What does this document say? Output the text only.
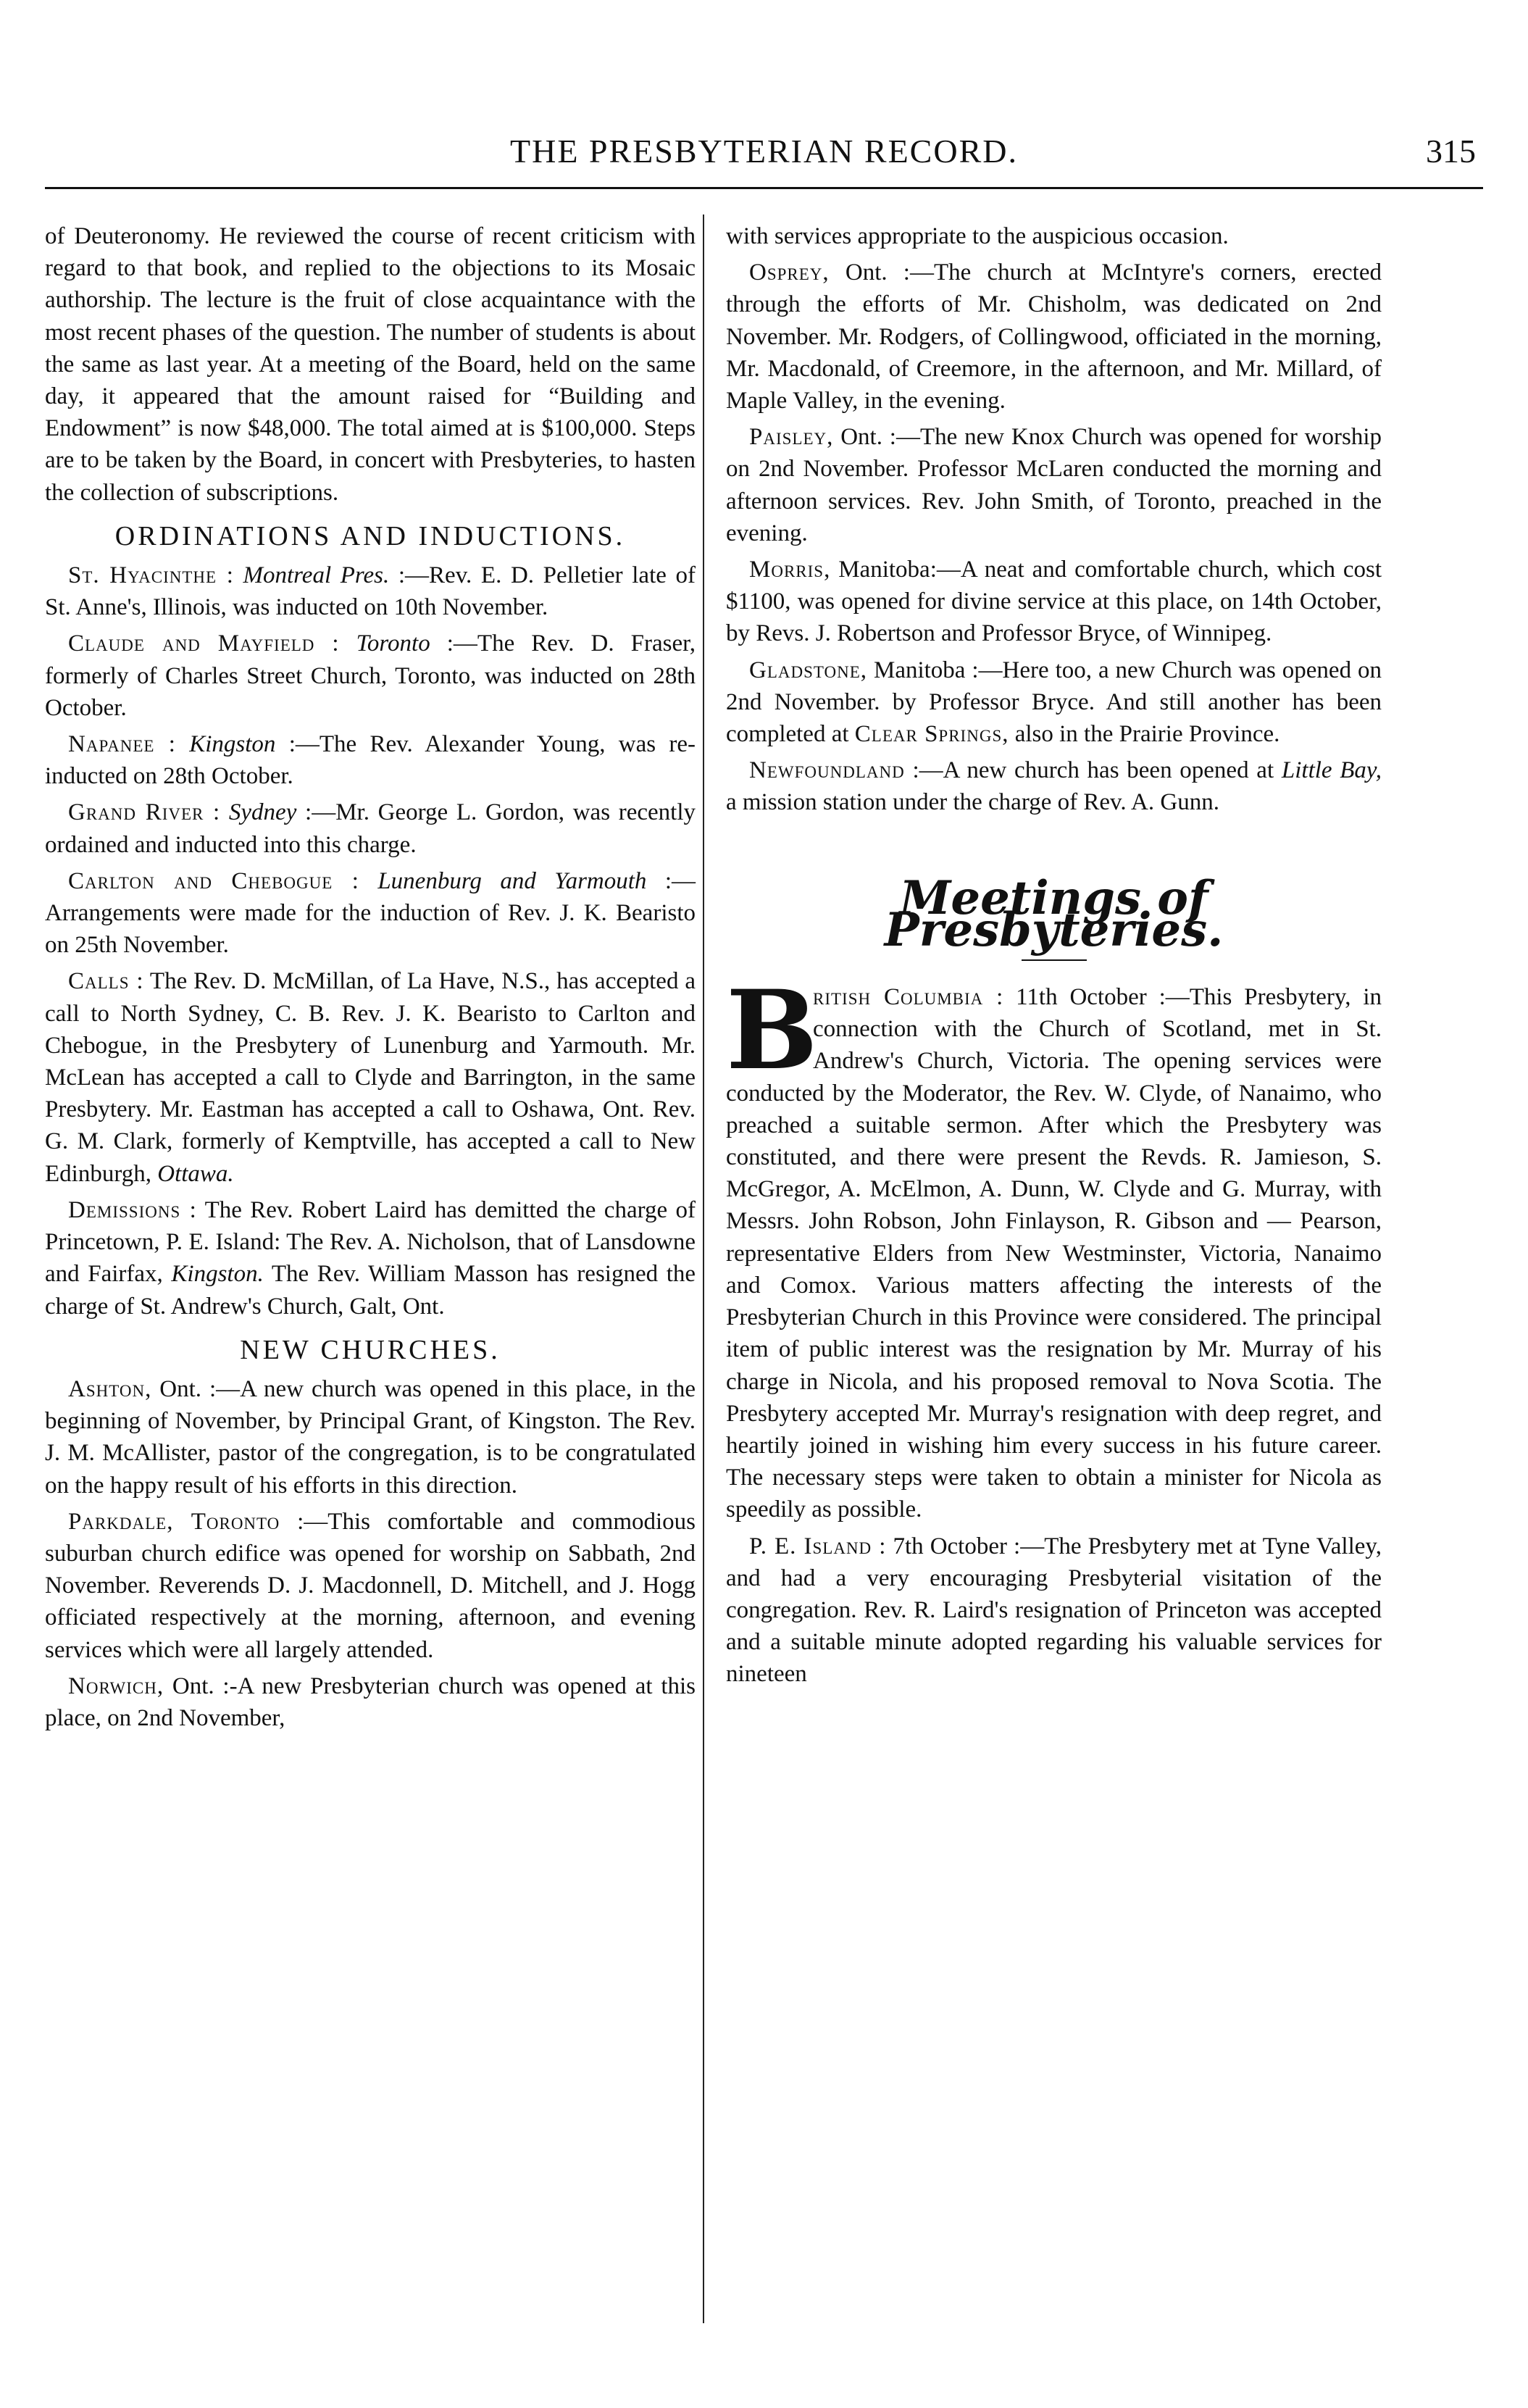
THE PRESBYTERIAN RECORD.	315

of Deuteronomy. He reviewed the course of recent criticism with regard to that book, and replied to the objections to its Mosaic authorship. The lecture is the fruit of close acquaintance with the most recent phases of the question. The number of students is about the same as last year. At a meeting of the Board, held on the same day, it appeared that the amount raised for “Building and Endowment” is now $48,000. The total aimed at is $100,000. Steps are to be taken by the Board, in concert with Presbyteries, to hasten the collection of subscriptions.

ORDINATIONS AND INDUCTIONS.

St. Hyacinthe : Montreal Pres. :—Rev. E. D. Pelletier late of St. Anne's, Illinois, was inducted on 10th November.

Claude and Mayfield : Toronto :—The Rev. D. Fraser, formerly of Charles Street Church, Toronto, was inducted on 28th October.

Napanee : Kingston :—The Rev. Alexander Young, was re-inducted on 28th October.

Grand River : Sydney :—Mr. George L. Gordon, was recently ordained and inducted into this charge.

Carlton and Chebogue : Lunenburg and Yarmouth :—Arrangements were made for the induction of Rev. J. K. Bearisto on 25th November.

Calls : The Rev. D. McMillan, of La Have, N.S., has accepted a call to North Sydney, C. B. Rev. J. K. Bearisto to Carlton and Chebogue, in the Presbytery of Lunenburg and Yarmouth. Mr. McLean has accepted a call to Clyde and Barrington, in the same Presbytery. Mr. Eastman has accepted a call to Oshawa, Ont. Rev. G. M. Clark, formerly of Kemptville, has accepted a call to New Edinburgh, Ottawa.

Demissions : The Rev. Robert Laird has demitted the charge of Princetown, P. E. Island: The Rev. A. Nicholson, that of Lansdowne and Fairfax, Kingston. The Rev. William Masson has resigned the charge of St. Andrew's Church, Galt, Ont.

NEW CHURCHES.

Ashton, Ont. :—A new church was opened in this place, in the beginning of November, by Principal Grant, of Kingston. The Rev. J. M. McAllister, pastor of the congregation, is to be congratulated on the happy result of his efforts in this direction.

Parkdale, Toronto :—This comfortable and commodious suburban church edifice was opened for worship on Sabbath, 2nd November. Reverends D. J. Macdonnell, D. Mitchell, and J. Hogg officiated respectively at the morning, afternoon, and evening services which were all largely attended.

Norwich, Ont. :-A new Presbyterian church was opened at this place, on 2nd November,

with services appropriate to the auspicious occasion.

Osprey, Ont. :—The church at McIntyre's corners, erected through the efforts of Mr. Chisholm, was dedicated on 2nd November. Mr. Rodgers, of Collingwood, officiated in the morning, Mr. Macdonald, of Creemore, in the afternoon, and Mr. Millard, of Maple Valley, in the evening.

Paisley, Ont. :—The new Knox Church was opened for worship on 2nd November. Professor McLaren conducted the morning and afternoon services. Rev. John Smith, of Toronto, preached in the evening.

Morris, Manitoba:—A neat and comfortable church, which cost $1100, was opened for divine service at this place, on 14th October, by Revs. J. Robertson and Professor Bryce, of Winnipeg.

Gladstone, Manitoba :—Here too, a new Church was opened on 2nd November. by Professor Bryce. And still another has been completed at Clear Springs, also in the Prairie Province.

Newfoundland :—A new church has been opened at Little Bay, a mission station under the charge of Rev. A. Gunn.

Meetings of Presbyteries.

B
ritish Columbia : 11th October :—This Presbytery, in connection with the Church of Scotland, met in St. Andrew's Church, Victoria. The opening services were conducted by the Moderator, the Rev. W. Clyde, of Nanaimo, who preached a suitable sermon. After which the Presbytery was constituted, and there were present the Revds. R. Jamieson, S. McGregor, A. McElmon, A. Dunn, W. Clyde and G. Murray, with Messrs. John Robson, John Finlayson, R. Gibson and — Pearson, representative Elders from New Westminster, Victoria, Nanaimo and Comox. Various matters affecting the interests of the Presbyterian Church in this Province were considered. The principal item of public interest was the resignation by Mr. Murray of his charge in Nicola, and his proposed removal to Nova Scotia. The Presbytery accepted Mr. Murray's resignation with deep regret, and heartily joined in wishing him every success in his future career. The necessary steps were taken to obtain a minister for Nicola as speedily as possible.

P. E. Island : 7th October :—The Presbytery met at Tyne Valley, and had a very encouraging Presbyterial visitation of the congregation. Rev. R. Laird's resignation of Princeton was accepted and a suitable minute adopted regarding his valuable services for nineteen
